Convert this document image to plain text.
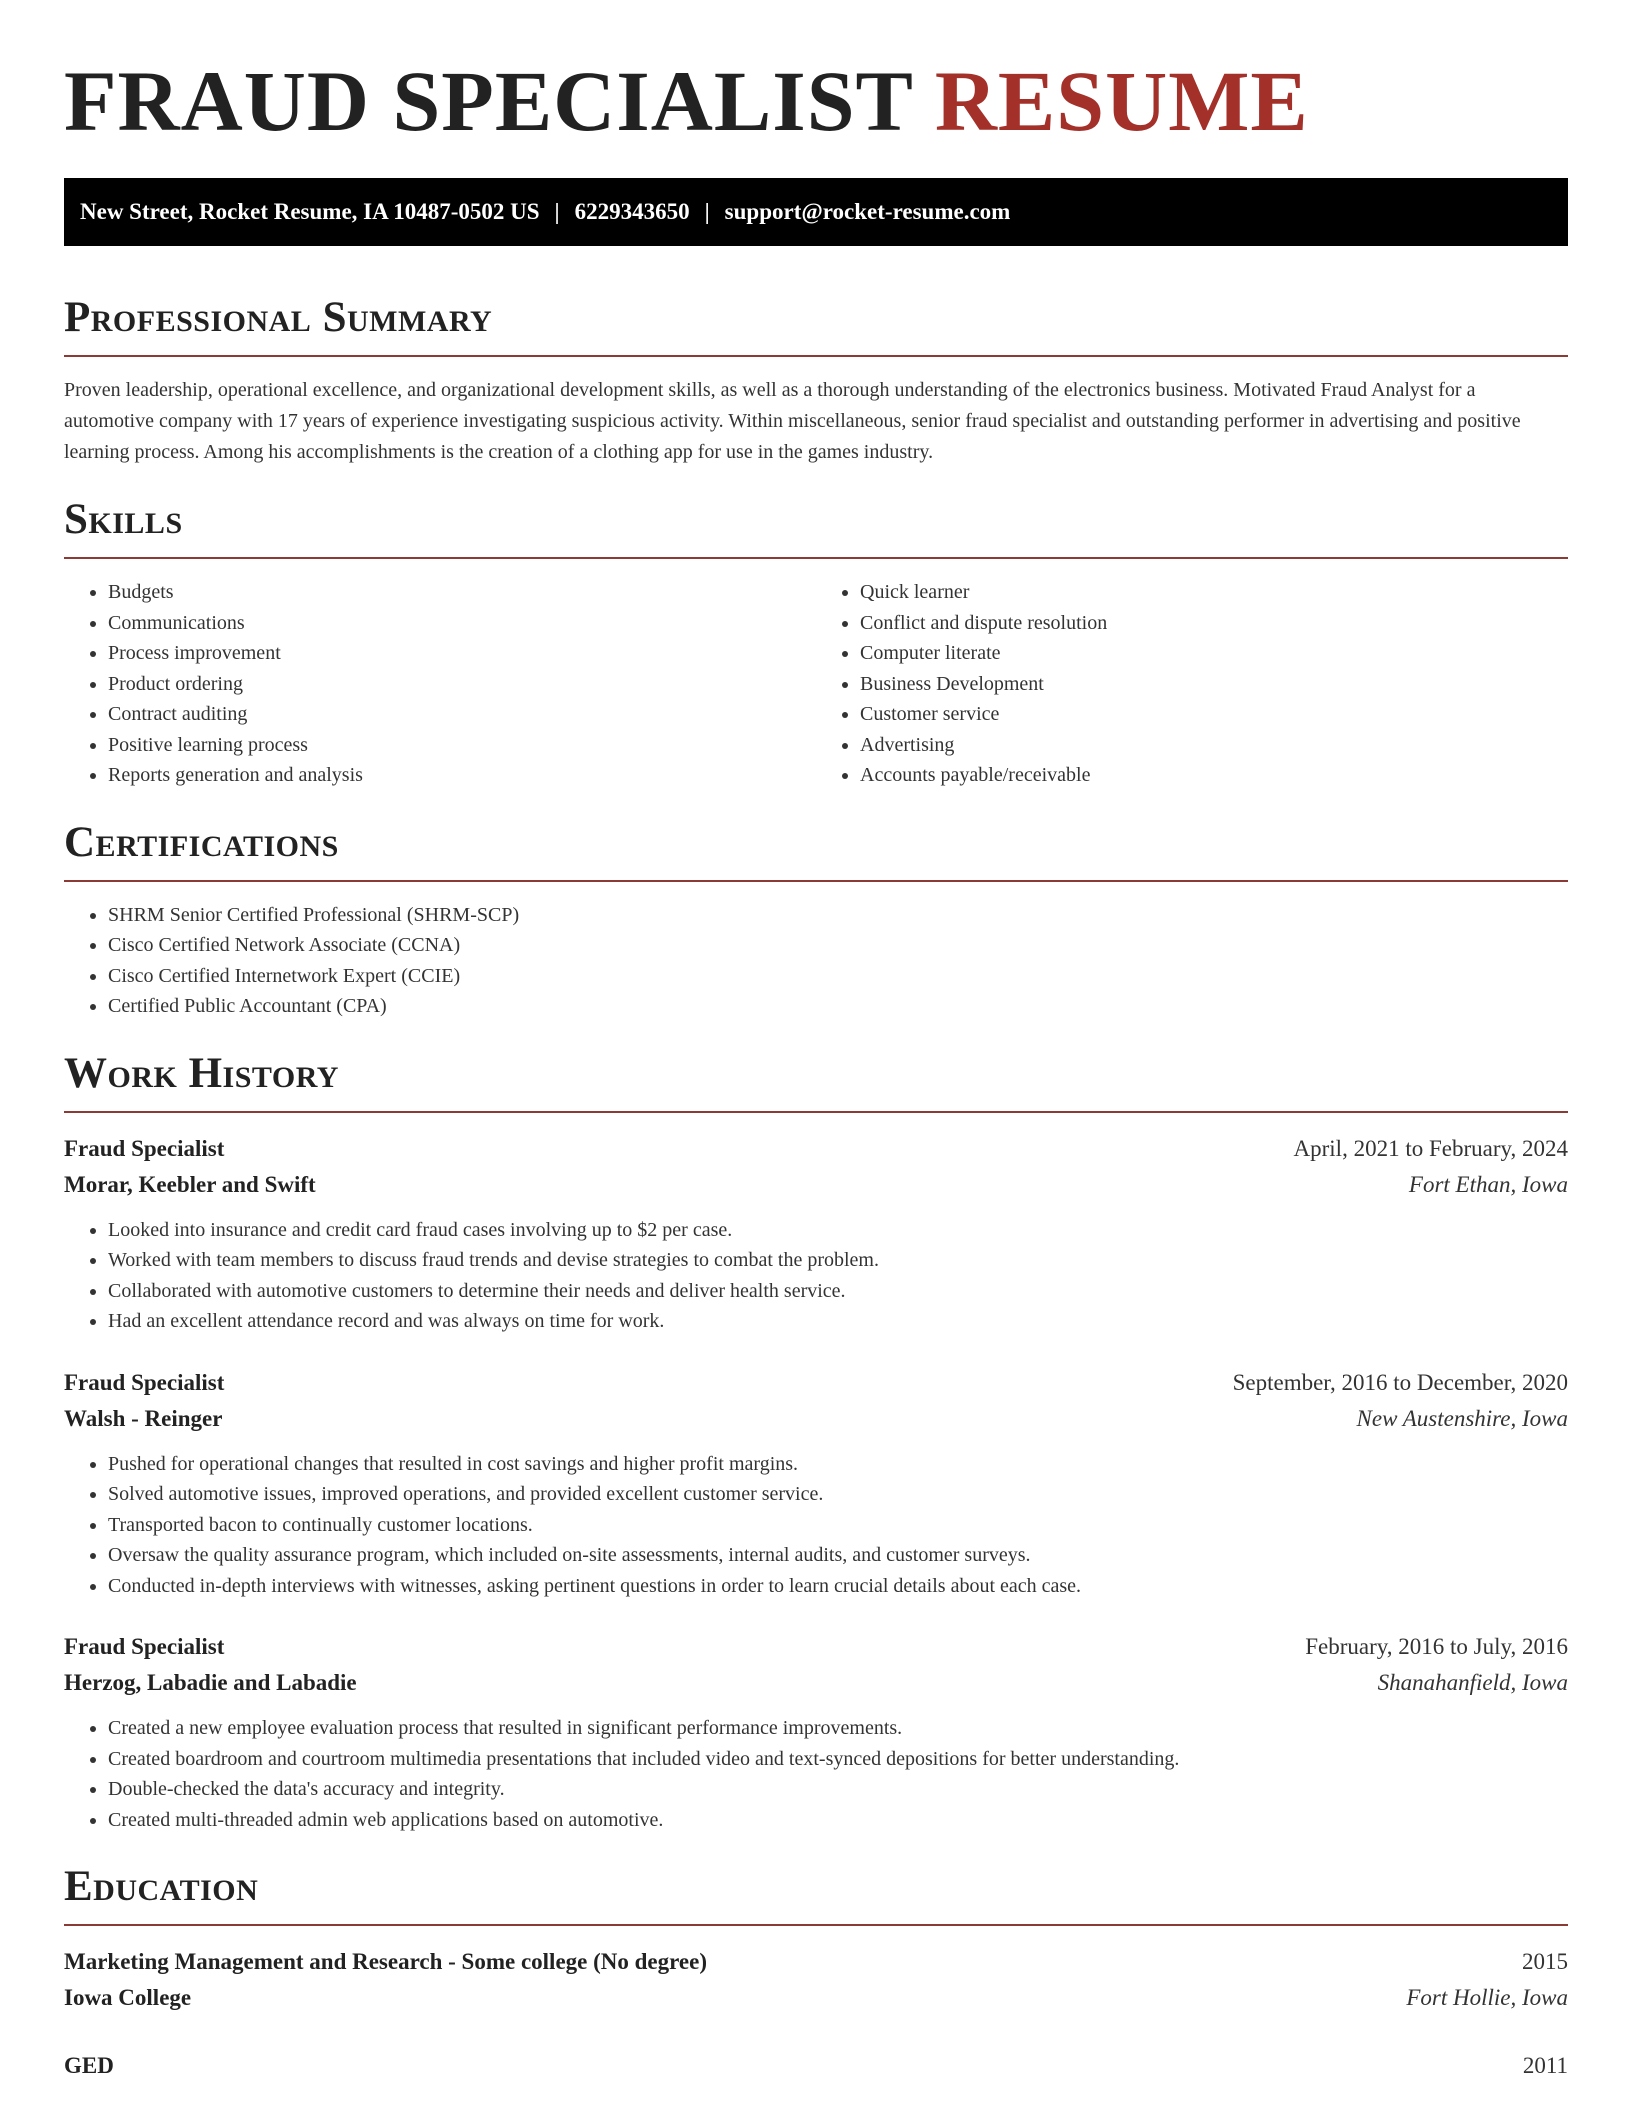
FRAUD SPECIALIST RESUME
New Street, Rocket Resume, IA 10487-0502 US | 6229343650 | support@rocket-resume.com
Professional Summary

Proven leadership, operational excellence, and organizational development skills, as well as a thorough understanding of the electronics business. Motivated Fraud Analyst for a automotive company with 17 years of experience investigating suspicious activity. Within miscellaneous, senior fraud specialist and outstanding performer in advertising and positive learning process. Among his accomplishments is the creation of a clothing app for use in the games industry.

Skills
• Budgets
• Communications
• Process improvement
• Product ordering
• Contract auditing
• Positive learning process
• Reports generation and analysis
• Quick learner
• Conflict and dispute resolution
• Computer literate
• Business Development
• Customer service
• Advertising
• Accounts payable/receivable
Certifications
• SHRM Senior Certified Professional (SHRM-SCP)
• Cisco Certified Network Associate (CCNA)
• Cisco Certified Internetwork Expert (CCIE)
• Certified Public Accountant (CPA)
Work History
Fraud Specialist	April, 2021 to February, 2024
Morar, Keebler and Swift	Fort Ethan, Iowa
• Looked into insurance and credit card fraud cases involving up to $2 per case.
• Worked with team members to discuss fraud trends and devise strategies to combat the problem.
• Collaborated with automotive customers to determine their needs and deliver health service.
• Had an excellent attendance record and was always on time for work.
Fraud Specialist	September, 2016 to December, 2020
Walsh - Reinger	New Austenshire, Iowa
• Pushed for operational changes that resulted in cost savings and higher profit margins.
• Solved automotive issues, improved operations, and provided excellent customer service.
• Transported bacon to continually customer locations.
• Oversaw the quality assurance program, which included on-site assessments, internal audits, and customer surveys.
• Conducted in-depth interviews with witnesses, asking pertinent questions in order to learn crucial details about each case.
Fraud Specialist	February, 2016 to July, 2016
Herzog, Labadie and Labadie	Shanahanfield, Iowa
• Created a new employee evaluation process that resulted in significant performance improvements.
• Created boardroom and courtroom multimedia presentations that included video and text-synced depositions for better understanding.
• Double-checked the data's accuracy and integrity.
• Created multi-threaded admin web applications based on automotive.
Education
Marketing Management and Research - Some college (No degree)	2015
Iowa College	Fort Hollie, Iowa
GED	2011
